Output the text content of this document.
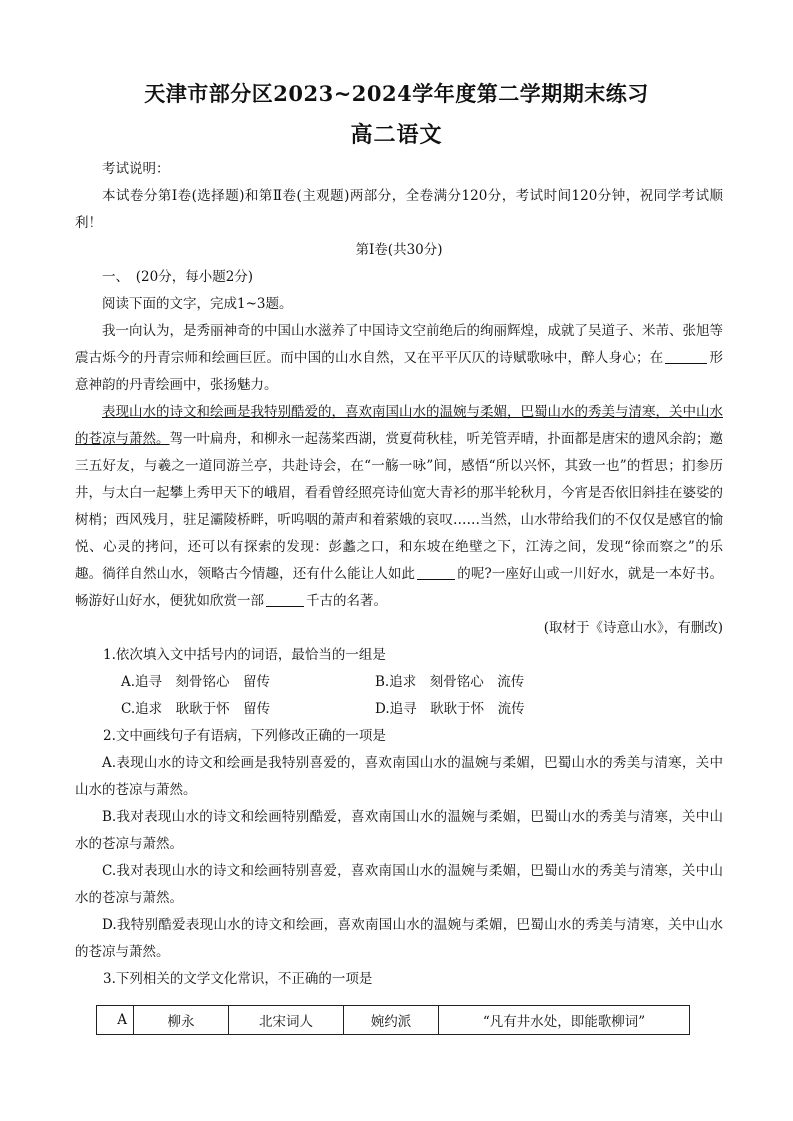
天津市部分区2023~2024学年度第二学期期末练习
高二语文

考试说明：

本试卷分第Ⅰ卷(选择题)和第Ⅱ卷(主观题)两部分，全卷满分120分，考试时间120分钟，祝同学考试顺利！

第Ⅰ卷(共30分)

一、　(20分，每小题2分)

阅读下面的文字，完成1~3题。

我一向认为，是秀丽神奇的中国山水滋养了中国诗文空前绝后的绚丽辉煌，成就了吴道子、米芾、张旭等震古烁今的丹青宗师和绘画巨匠。而中国的山水自然，又在平平仄仄的诗赋歌咏中，醉人身心；在	形意神韵的丹青绘画中，张扬魅力。

表现山水的诗文和绘画是我特别酷爱的，喜欢南国山水的温婉与柔媚，巴蜀山水的秀美与清寒，关中山水的苍凉与萧然。驾一叶扁舟，和柳永一起荡桨西湖，赏夏荷秋桂，听羌管弄晴，扑面都是唐宋的遗风余韵；邀三五好友，与羲之一道同游兰亭，共赴诗会，在“一觞一咏”间，感悟“所以兴怀，其致一也”的哲思；扪参历井，与太白一起攀上秀甲天下的峨眉，看看曾经照亮诗仙宽大青衫的那半轮秋月，今宵是否依旧斜挂在婆娑的树梢；西风残月，驻足灞陵桥畔，听呜咽的萧声和着萦娥的哀叹……当然，山水带给我们的不仅仅是感官的愉悦、心灵的拷问，还可以有探索的发现：彭蠡之口，和东坡在绝壁之下，江涛之间，发现“徐而察之”的乐趣。徜徉自然山水，领略古今情趣，还有什么能让人如此	的呢?一座好山或一川好水，就是一本好书。畅游好山好水，便犹如欣赏一部	千古的名著。

(取材于《诗意山水》，有删改)

1.依次填入文中括号内的词语，最恰当的一组是

A.追寻　刻骨铭心　留传	B.追求　刻骨铭心　流传
C.追求　耿耿于怀　留传	D.追寻　耿耿于怀　流传

2.文中画线句子有语病，下列修改正确的一项是

A.表现山水的诗文和绘画是我特别喜爱的，喜欢南国山水的温婉与柔媚，巴蜀山水的秀美与清寒，关中山水的苍凉与萧然。

B.我对表现山水的诗文和绘画特别酷爱，喜欢南国山水的温婉与柔媚，巴蜀山水的秀美与清寒，关中山水的苍凉与萧然。

C.我对表现山水的诗文和绘画特别喜爱，喜欢南国山水的温婉与柔媚，巴蜀山水的秀美与清寒，关中山水的苍凉与萧然。

D.我特别酷爱表现山水的诗文和绘画，喜欢南国山水的温婉与柔媚，巴蜀山水的秀美与清寒，关中山水的苍凉与萧然。

3.下列相关的文学文化常识，不正确的一项是

A	柳永	北宋词人	婉约派	“凡有井水处，即能歌柳词”
